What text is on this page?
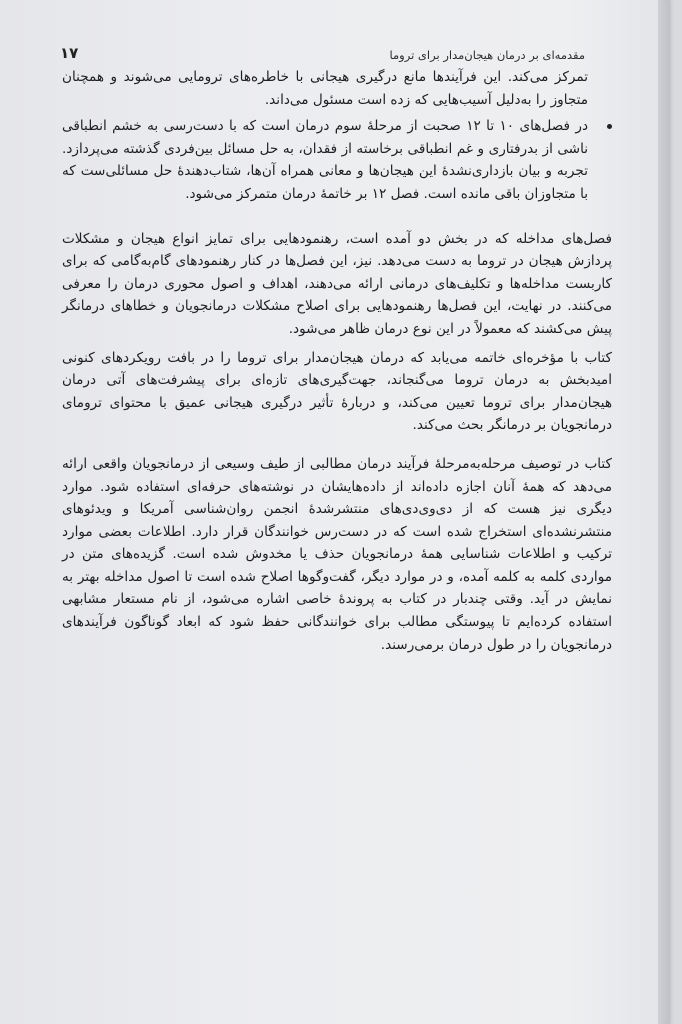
مقدمه‌ای بر درمان هیجان‌مدار برای تروما
۱۷

تمرکز می‌کند. این فرآیندها مانع درگیری هیجانی با خاطره‌های ترومایی می‌شوند و همچنان متجاوز را به‌دلیل آسیب‌هایی که زده است مسئول می‌داند.

در فصل‌های ۱۰ تا ۱۲ صحبت از مرحلهٔ سوم درمان است که با دست‌رسی به خشم انطباقی ناشی از بدرفتاری و غم انطباقی برخاسته از فقدان، به حل مسائل بین‌فردی گذشته می‌پردازد. تجربه و بیان بازداری‌نشدهٔ این هیجان‌ها و معانی همراه آن‌ها، شتاب‌دهندهٔ حل مسائلی‌ست که با متجاوزان باقی مانده است. فصل ۱۲ بر خاتمهٔ درمان متمرکز می‌شود.

فصل‌های مداخله که در بخش دو آمده است، رهنمودهایی برای تمایز انواع هیجان و مشکلات پردازش هیجان در تروما به دست می‌دهد. نیز، این فصل‌ها در کنار رهنمودهای گام‌به‌گامی که برای کاربست مداخله‌ها و تکلیف‌های درمانی ارائه می‌دهند، اهداف و اصول محوری درمان را معرفی می‌کنند. در نهایت، این فصل‌ها رهنمودهایی برای اصلاح مشکلات درمانجویان و خطاهای درمانگر پیش می‌کشند که معمولاً در این نوع درمان ظاهر می‌شود.

کتاب با مؤخره‌ای خاتمه می‌یابد که درمان هیجان‌مدار برای تروما را در بافت رویکردهای کنونی امیدبخش به درمان تروما می‌گنجاند، جهت‌گیری‌های تازه‌ای برای پیشرفت‌های آتی درمان هیجان‌مدار برای تروما تعیین می‌کند، و دربارهٔ تأثیر درگیری هیجانی عمیق با محتوای ترومای درمانجویان بر درمانگر بحث می‌کند.

کتاب در توصیف مرحله‌به‌مرحلهٔ فرآیند درمان مطالبی از طیف وسیعی از درمانجویان واقعی ارائه می‌دهد که همهٔ آنان اجازه داده‌اند از داده‌هایشان در نوشته‌های حرفه‌ای استفاده شود. موارد دیگری نیز هست که از دی‌وی‌دی‌های منتشرشدهٔ انجمن روان‌شناسی آمریکا و ویدئوهای منتشرنشده‌ای استخراج شده است که در دست‌رس خوانندگان قرار دارد. اطلاعات بعضی موارد ترکیب و اطلاعات شناسایی همهٔ درمانجویان حذف یا مخدوش شده است. گزیده‌های متن در مواردی کلمه به کلمه آمده، و در موارد دیگر، گفت‌وگوها اصلاح شده است تا اصول مداخله بهتر به نمایش در آید. وقتی چندبار در کتاب به پروندهٔ خاصی اشاره می‌شود، از نام مستعار مشابهی استفاده کرده‌ایم تا پیوستگی مطالب برای خوانندگانی حفظ شود که ابعاد گوناگون فرآیندهای درمانجویان را در طول درمان برمی‌رسند.
